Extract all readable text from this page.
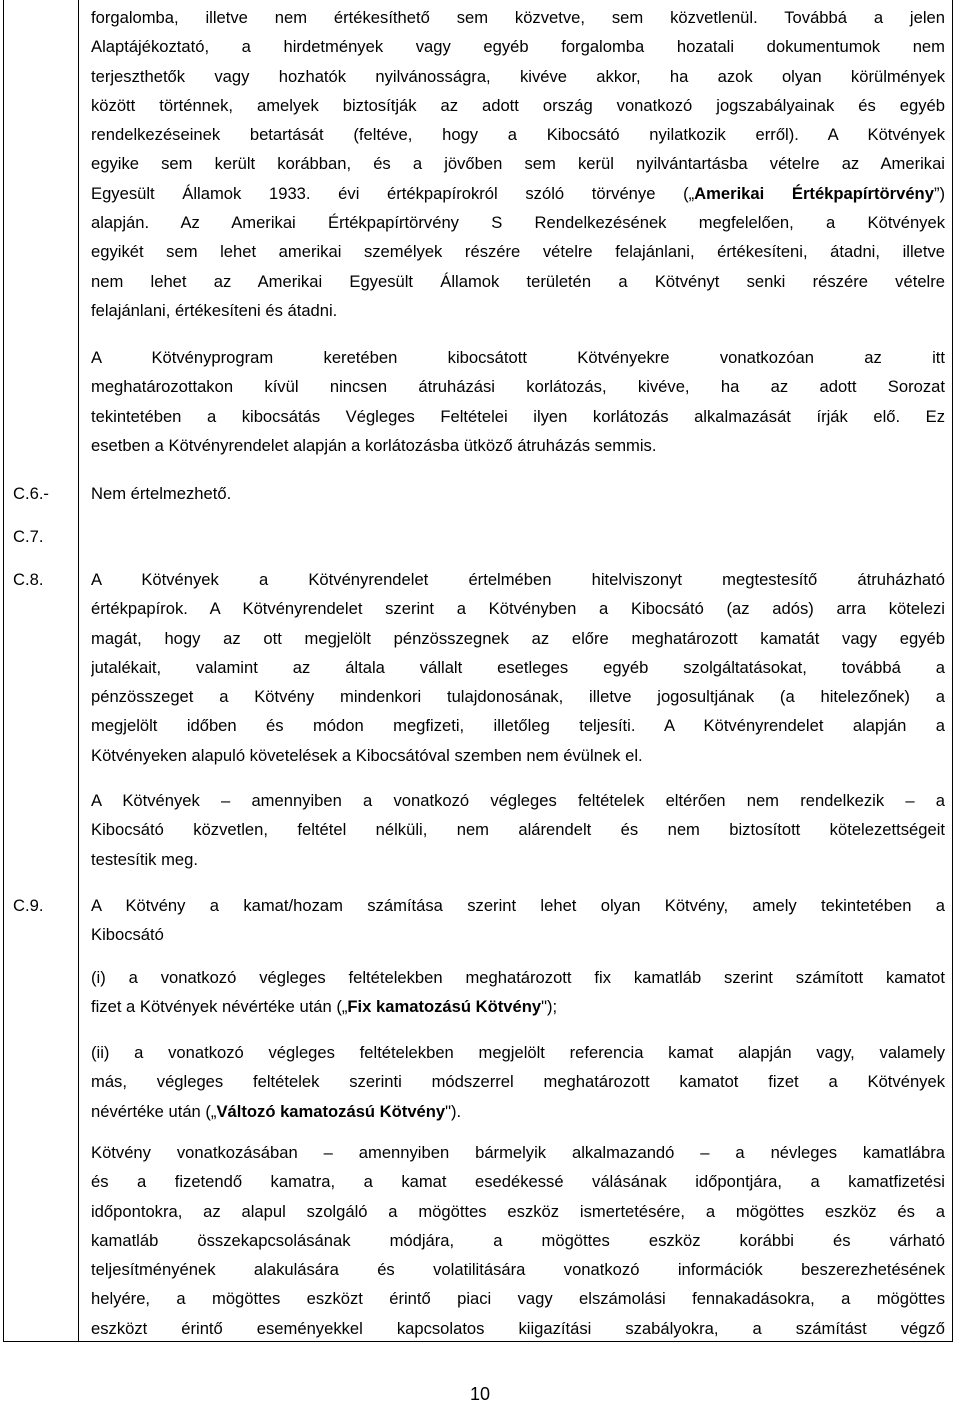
forgalomba, illetve nem értékesíthető sem közvetve, sem közvetlenül. Továbbá a jelen
Alaptájékoztató, a hirdetmények vagy egyéb forgalomba hozatali dokumentumok nem
terjeszthetők vagy hozhatók nyilvánosságra, kivéve akkor, ha azok olyan körülmények
között történnek, amelyek biztosítják az adott ország vonatkozó jogszabályainak és egyéb
rendelkezéseinek betartását (feltéve, hogy a Kibocsátó nyilatkozik erről). A Kötvények
egyike sem került korábban, és a jövőben sem kerül nyilvántartásba vételre az Amerikai
Egyesült Államok 1933. évi értékpapírokról szóló törvénye („Amerikai Értékpapírtörvény”)
alapján. Az Amerikai Értékpapírtörvény S Rendelkezésének megfelelően, a Kötvények
egyikét sem lehet amerikai személyek részére vételre felajánlani, értékesíteni, átadni, illetve
nem lehet az Amerikai Egyesült Államok területén a Kötvényt senki részére vételre
felajánlani, értékesíteni és átadni.
A Kötvényprogram keretében kibocsátott Kötvényekre vonatkozóan az itt
meghatározottakon kívül nincsen átruházási korlátozás, kivéve, ha az adott Sorozat
tekintetében a kibocsátás Végleges Feltételei ilyen korlátozás alkalmazását írják elő. Ez
esetben a Kötvényrendelet alapján a korlátozásba ütköző átruházás semmis.
C.6.-	Nem értelmezhető.
C.7.
C.8.	A Kötvények a Kötvényrendelet értelmében hitelviszonyt megtestesítő átruházható
értékpapírok. A Kötvényrendelet szerint a Kötvényben a Kibocsátó (az adós) arra kötelezi
magát, hogy az ott megjelölt pénzösszegnek az előre meghatározott kamatát vagy egyéb
jutalékait, valamint az általa vállalt esetleges egyéb szolgáltatásokat, továbbá a
pénzösszeget a Kötvény mindenkori tulajdonosának, illetve jogosultjának (a hitelezőnek) a
megjelölt időben és módon megfizeti, illetőleg teljesíti. A Kötvényrendelet alapján a
Kötvényeken alapuló követelések a Kibocsátóval szemben nem évülnek el.
A Kötvények – amennyiben a vonatkozó végleges feltételek eltérően nem rendelkezik – a
Kibocsátó közvetlen, feltétel nélküli, nem alárendelt és nem biztosított kötelezettségeit
testesítik meg.
C.9.	A Kötvény a kamat/hozam számítása szerint lehet olyan Kötvény, amely tekintetében a
Kibocsátó
(i) a vonatkozó végleges feltételekben meghatározott fix kamatláb szerint számított kamatot
fizet a Kötvények névértéke után („Fix kamatozású Kötvény");
(ii) a vonatkozó végleges feltételekben megjelölt referencia kamat alapján vagy, valamely
más, végleges feltételek szerinti módszerrel meghatározott kamatot fizet a Kötvények
névértéke után („Változó kamatozású Kötvény").
Kötvény vonatkozásában – amennyiben bármelyik alkalmazandó – a névleges kamatlábra
és a fizetendő kamatra, a kamat esedékessé válásának időpontjára, a kamatfizetési
időpontokra, az alapul szolgáló a mögöttes eszköz ismertetésére, a mögöttes eszköz és a
kamatláb összekapcsolásának módjára, a mögöttes eszköz korábbi és várható
teljesítményének alakulására és volatilitására vonatkozó információk beszerezhetésének
helyére, a mögöttes eszközt érintő piaci vagy elszámolási fennakadásokra, a mögöttes
eszközt érintő eseményekkel kapcsolatos kiigazítási szabályokra, a számítást végző
10
